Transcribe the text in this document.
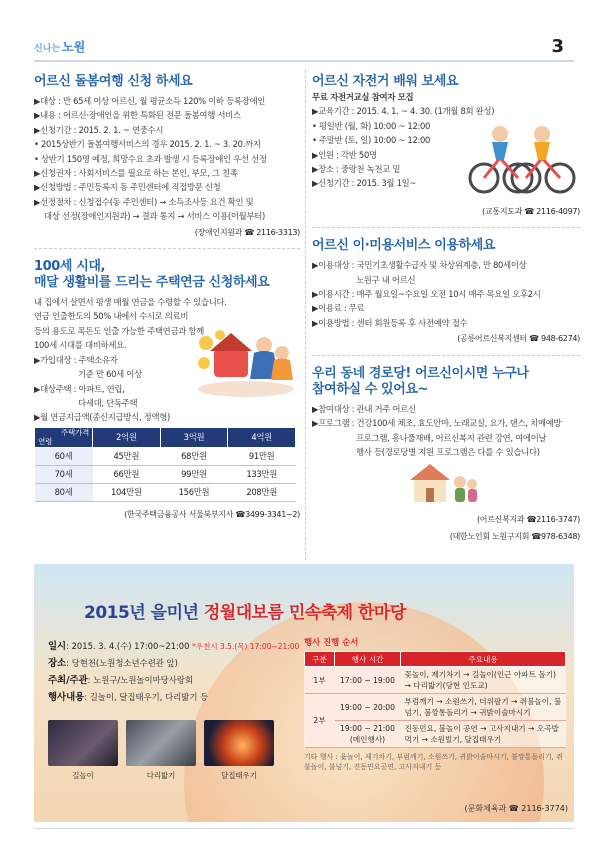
신나는 노원	3
어르신 돌봄여행 신청 하세요
▶대상 : 만 65세 이상 어르신, 월 평균소득 120% 이하 등록장애인
▶내용 : 어르신·장애인을 위한 특화된 전문 돌봄여행 서비스
▶신청기간 : 2015. 2. 1. ~ 연중수시
• 2015상반기 돌봄여행서비스의 경우 2015. 2. 1. ~ 3. 20.까지
• 상반기 150명 예정, 희망수요 초과 발생 시 등록장애인 우선 선정
▶신청권자 : 사회서비스를 필요로 하는 본인, 부모, 그 친족
▶신청방법 : 주민등록지 동 주민센터에 직접방문 신청
▶선정절차 : 신청접수(동 주민센터) → 소득조사등 요건 확인 및
대상 선정(장애인지원과) → 결과 통지 → 서비스 이용(이월부터)
(장애인지원과 ☎ 2116-3313)
100세 시대,
매달 생활비를 드리는 주택연금 신청하세요
내 집에서 살면서 평생 매월 연금을 수령할 수 있습니다.
연금 인출한도의 50% 내에서 수시로 의료비
등의 용도로 목돈도 인출 가능한 주택연금과 함께
100세 시대를 대비하세요.
▶가입대상 : 주택소유자
기준 만 60세 이상
▶대상주택 : 아파트, 연립,
다세대, 단독주택
▶월 연금지급액(종신지급방식, 정액형)
주택가격
연령	2억원	3억원	4억원
60세	45만원	68만원	91만원
70세	66만원	99만원	133만원
80세	104만원	156만원	208만원
(한국주택금융공사 서울북부지사 ☎3499-3341~2)
어르신 자전거 배워 보세요
무료 자전거교실 참여자 모집
▶교육기간 : 2015. 4. 1. ~ 4. 30. (1개월 8회 완성)
• 평일반 (월, 화) 10:00 ~ 12:00
• 주말반 (토, 일) 10:00 ~ 12:00
▶인원 : 각반 50명
▶장소 : 중랑천 녹천교 밑
▶신청기간 : 2015. 3월 1일~
(교통지도과 ☎ 2116-4097)
어르신 이·미용서비스 이용하세요
▶이용대상 : 국민기초생활수급자 및 차상위계층, 만 80세이상
노원구 내 어르신
▶이용시간 : 매주 월요일~수요일 오전 10시 매주 목요일 오후2시
▶이용료 : 무료
▶이용방법 : 센터 회원등록 후 사전예약 접수
(공릉어르신복지센터 ☎ 948-6274)
우리 동네 경로당! 어르신이시면 누구나
참여하실 수 있어요~
▶참여대상 : 관내 거주 어르신
▶프로그램 : 건강100세 체조, 효도안마, 노래교실, 요가, 댄스, 치매예방
프로그램, 흥나풀재배, 어르신복지 관련 강연, 여에이날
행사 등(경로당별 지원 프로그램은 다를 수 있습니다)
(어르신복지과 ☎2116-3747)
(대한노인회 노원구지회 ☎978-6348)
2015년 을미년 정월대보름 민속축제 한마당
일시: 2015. 3. 4.(수) 17:00~21:00 *우천시 3.5.(목) 17:00~21:00
장소: 당현천(노원청소년수련관 앞)
주최/주관: 노원구/노원놀이마당사랑회
행사내용: 길놀이, 달집태우기, 다리밟기 등
길놀이	다리밟기	달집태우기
행사 진행 순서
구분	행사 시간	주요내용
1부	17:00 ~ 19:00	꽃놀이, 제기차기 → 길놀이(인근 아파트 돌기) → 다리밟기(당현 인도교)
2부	19:00 ~ 20:00	부럼깨기 → 소원쓰기, 더위팔기 → 쥐불놀이, 불넘기, 불깡통돌리기 → 귀밝이술마시기
	19:00 ~ 21:00 (메인행사)	진동민요, 불놀이 공연 → 고사지내기 → 오곡밥먹기 → 소원빌기, 달집태우기
기타 행사 : 윷놀이, 제기차기, 부럼깨기, 소원쓰기, 귀밝이술마시기, 불깡통돌리기, 쥐불놀이, 불넘기, 진동민요공연, 고사지내기 등
(문화체육과 ☎ 2116-3774)
